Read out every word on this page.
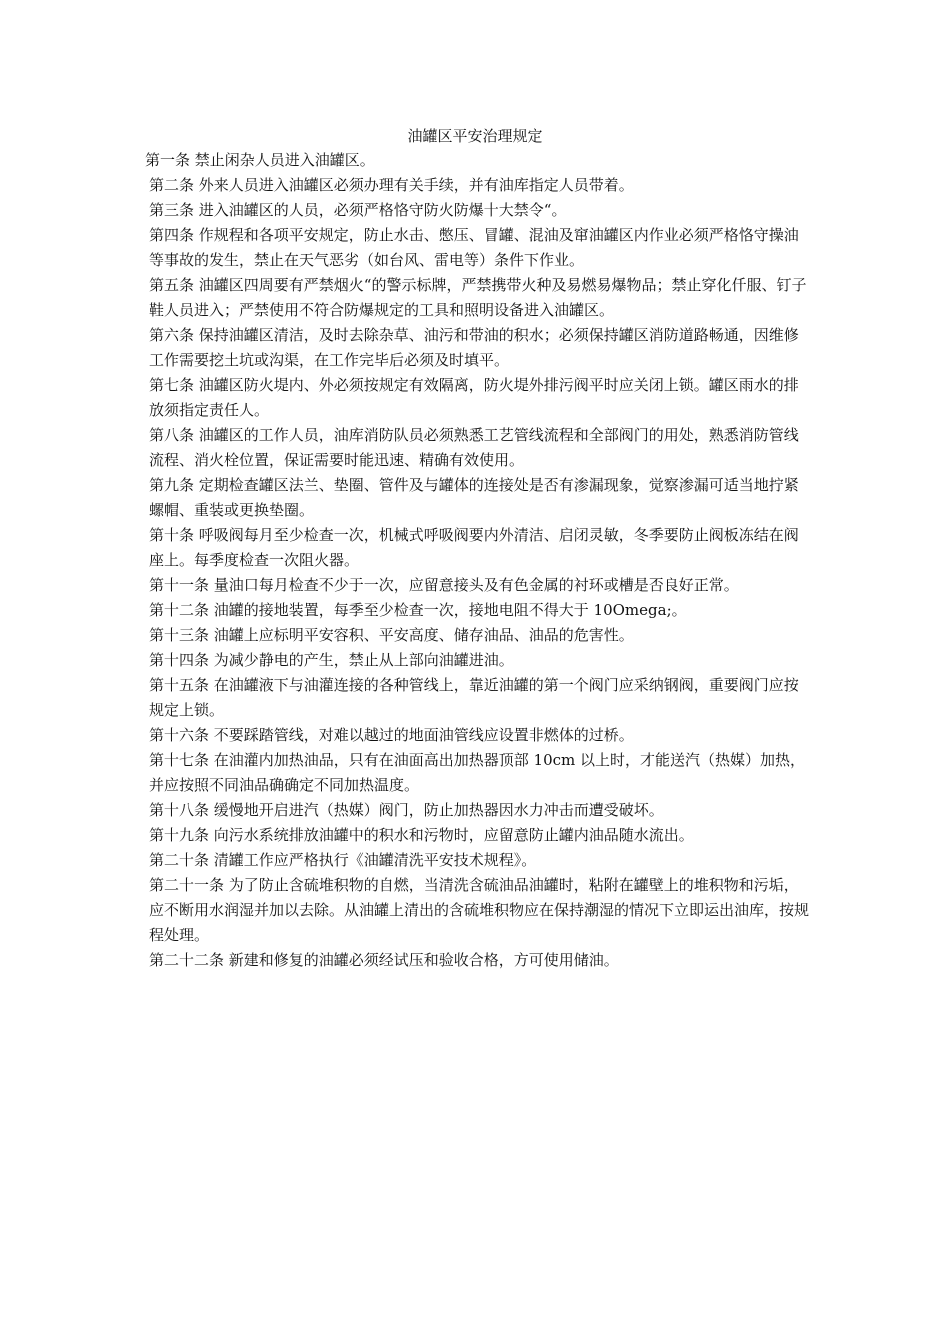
油罐区平安治理规定

第一条 禁止闲杂人员进入油罐区。

第二条 外来人员进入油罐区必须办理有关手续，并有油库指定人员带着。

第三条 进入油罐区的人员，必须严格恪守防火防爆十大禁令“。

第四条 作规程和各项平安规定，防止水击、憋压、冒罐、混油及窜油罐区内作业必须严格恪守操油等事故的发生，禁止在天气恶劣（如台风、雷电等）条件下作业。

第五条 油罐区四周要有严禁烟火“的警示标牌，严禁携带火种及易燃易爆物品；禁止穿化仟服、钉子鞋人员进入；严禁使用不符合防爆规定的工具和照明设备进入油罐区。

第六条 保持油罐区清洁，及时去除杂草、油污和带油的积水；必须保持罐区消防道路畅通，因维修工作需要挖土坑或沟渠，在工作完毕后必须及时填平。

第七条 油罐区防火堤内、外必须按规定有效隔离，防火堤外排污阀平时应关闭上锁。罐区雨水的排放须指定责任人。

第八条 油罐区的工作人员，油库消防队员必须熟悉工艺管线流程和全部阀门的用处，熟悉消防管线流程、消火栓位置，保证需要时能迅速、精确有效使用。

第九条 定期检查罐区法兰、垫圈、管件及与罐体的连接处是否有渗漏现象，觉察渗漏可适当地拧紧螺帽、重装或更换垫圈。

第十条 呼吸阀每月至少检查一次，机械式呼吸阀要内外清洁、启闭灵敏，冬季要防止阀板冻结在阀座上。每季度检查一次阻火器。

第十一条 量油口每月检查不少于一次，应留意接头及有色金属的衬环或槽是否良好正常。

第十二条 油罐的接地装置，每季至少检查一次，接地电阻不得大于 10Omega;。

第十三条 油罐上应标明平安容积、平安高度、储存油品、油品的危害性。

第十四条 为减少静电的产生，禁止从上部向油罐进油。

第十五条 在油罐液下与油灌连接的各种管线上，靠近油罐的第一个阀门应采纳钢阀，重要阀门应按规定上锁。

第十六条 不要踩踏管线，对难以越过的地面油管线应设置非燃体的过桥。

第十七条 在油灌内加热油品，只有在油面高出加热器顶部 10cm 以上时，才能送汽（热媒）加热，并应按照不同油品确确定不同加热温度。

第十八条 缓慢地开启进汽（热媒）阀门，防止加热器因水力冲击而遭受破坏。

第十九条 向污水系统排放油罐中的积水和污物时，应留意防止罐内油品随水流出。

第二十条 清罐工作应严格执行《油罐清洗平安技术规程》。

第二十一条 为了防止含硫堆积物的自燃，当清洗含硫油品油罐时，粘附在罐壁上的堆积物和污垢，应不断用水润湿并加以去除。从油罐上清出的含硫堆积物应在保持潮湿的情况下立即运出油库，按规程处理。

第二十二条 新建和修复的油罐必须经试压和验收合格，方可使用储油。
